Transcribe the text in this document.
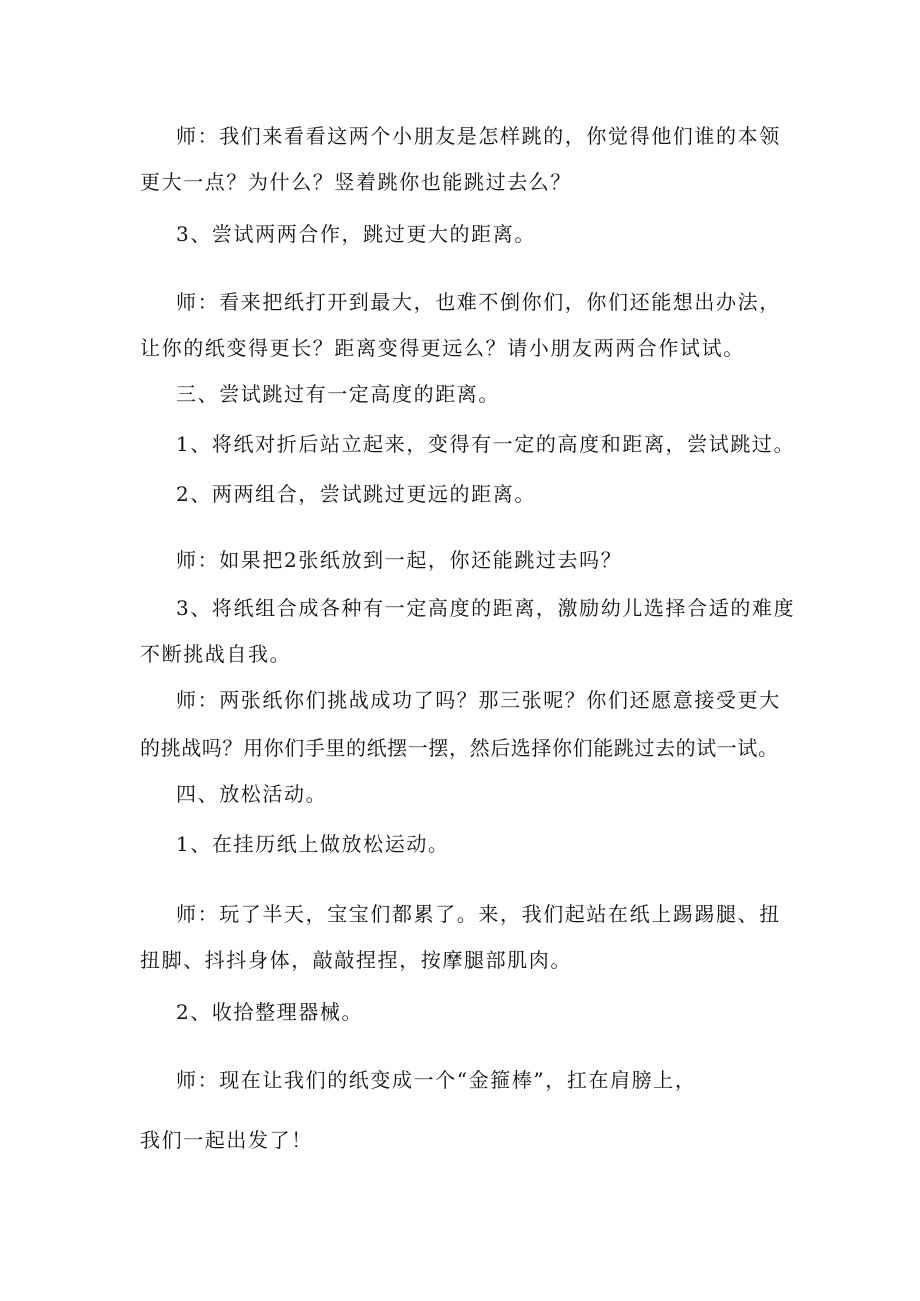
师：我们来看看这两个小朋友是怎样跳的，你觉得他们谁的本领
更大一点？为什么？竖着跳你也能跳过去么？
3、尝试两两合作，跳过更大的距离。
师：看来把纸打开到最大，也难不倒你们，你们还能想出办法，
让你的纸变得更长？距离变得更远么？请小朋友两两合作试试。
三、尝试跳过有一定高度的距离。
1、将纸对折后站立起来，变得有一定的高度和距离，尝试跳过。
2、两两组合，尝试跳过更远的距离。
师：如果把2张纸放到一起，你还能跳过去吗？
3、将纸组合成各种有一定高度的距离，激励幼儿选择合适的难度
不断挑战自我。
师：两张纸你们挑战成功了吗？那三张呢？你们还愿意接受更大
的挑战吗？用你们手里的纸摆一摆，然后选择你们能跳过去的试一试。
四、放松活动。
1、在挂历纸上做放松运动。
师：玩了半天，宝宝们都累了。来，我们起站在纸上踢踢腿、扭
扭脚、抖抖身体，敲敲捏捏，按摩腿部肌肉。
2、收拾整理器械。
师：现在让我们的纸变成一个“金箍棒”，扛在肩膀上，
我们一起出发了！
